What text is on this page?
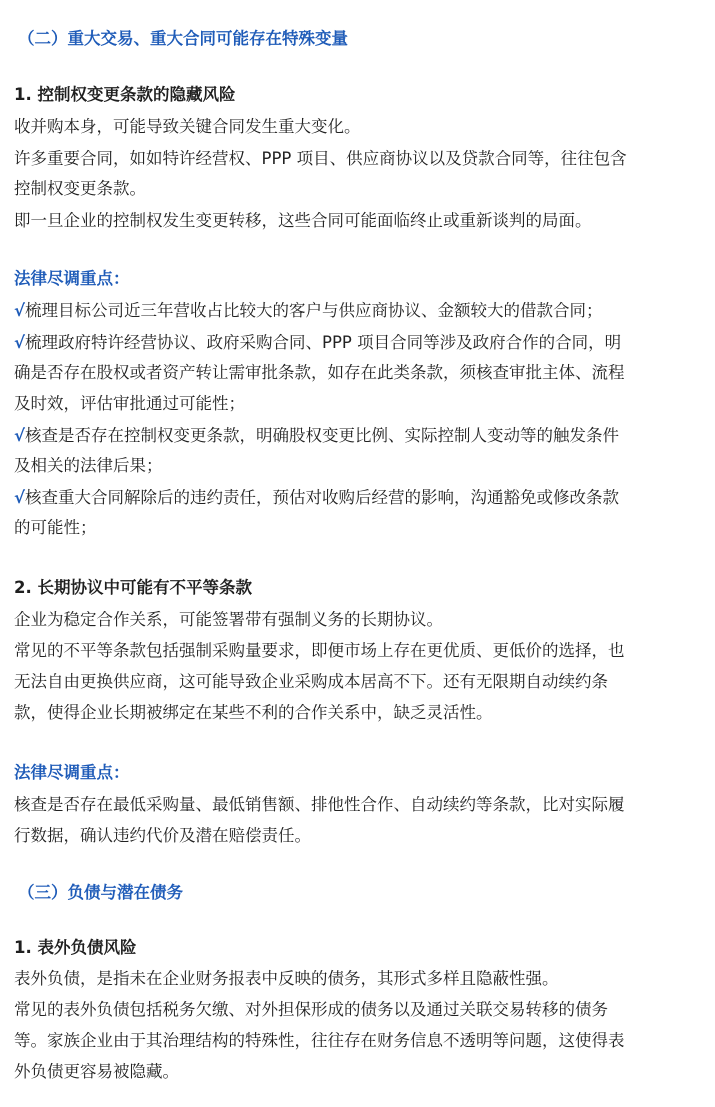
（二）重大交易、重大合同可能存在特殊变量

1. 控制权变更条款的隐藏风险

收并购本身，可能导致关键合同发生重大变化。

许多重要合同，如如特许经营权、PPP 项目、供应商协议以及贷款合同等，往往包含

控制权变更条款。

即一旦企业的控制权发生变更转移，这些合同可能面临终止或重新谈判的局面。

法律尽调重点：

√梳理目标公司近三年营收占比较大的客户与供应商协议、金额较大的借款合同；

√梳理政府特许经营协议、政府采购合同、PPP 项目合同等涉及政府合作的合同，明

确是否存在股权或者资产转让需审批条款，如存在此类条款，须核查审批主体、流程

及时效，评估审批通过可能性；

√核查是否存在控制权变更条款，明确股权变更比例、实际控制人变动等的触发条件

及相关的法律后果；

√核查重大合同解除后的违约责任，预估对收购后经营的影响，沟通豁免或修改条款

的可能性；

2. 长期协议中可能有不平等条款

企业为稳定合作关系，可能签署带有强制义务的长期协议。

常见的不平等条款包括强制采购量要求，即便市场上存在更优质、更低价的选择，也

无法自由更换供应商，这可能导致企业采购成本居高不下。还有无限期自动续约条

款，使得企业长期被绑定在某些不利的合作关系中，缺乏灵活性。

法律尽调重点：

核查是否存在最低采购量、最低销售额、排他性合作、自动续约等条款，比对实际履

行数据，确认违约代价及潜在赔偿责任。

（三）负债与潜在债务

1. 表外负债风险

表外负债，是指未在企业财务报表中反映的债务，其形式多样且隐蔽性强。

常见的表外负债包括税务欠缴、对外担保形成的债务以及通过关联交易转移的债务

等。家族企业由于其治理结构的特殊性，往往存在财务信息不透明等问题，这使得表

外负债更容易被隐藏。
